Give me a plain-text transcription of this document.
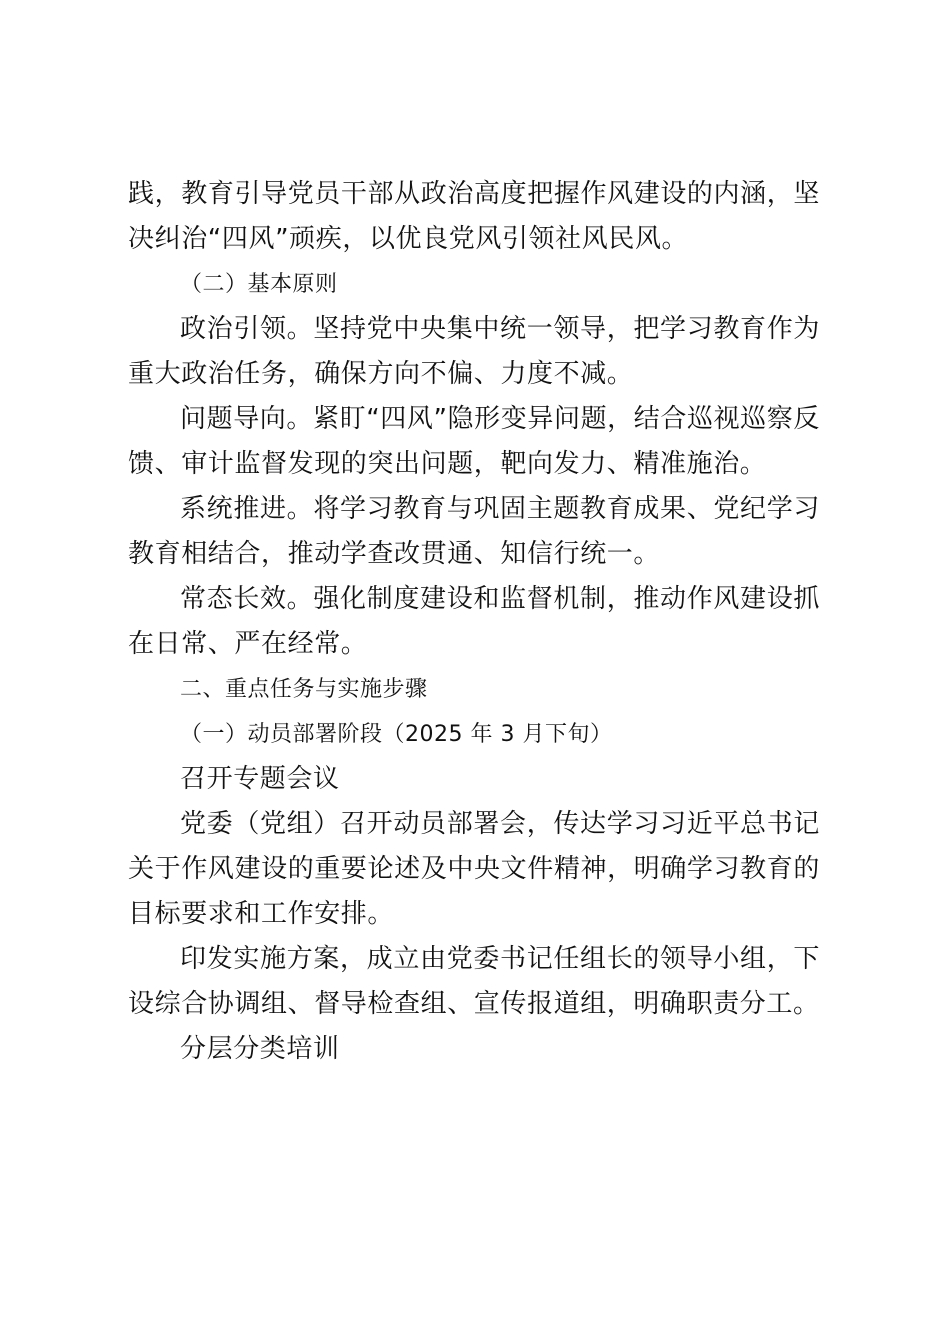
践，教育引导党员干部从政治高度把握作风建设的内涵，坚决纠治“四风”顽疾，以优良党风引领社风民风。

（二）基本原则

政治引领。坚持党中央集中统一领导，把学习教育作为重大政治任务，确保方向不偏、力度不减。

问题导向。紧盯“四风”隐形变异问题，结合巡视巡察反馈、审计监督发现的突出问题，靶向发力、精准施治。

系统推进。将学习教育与巩固主题教育成果、党纪学习教育相结合，推动学查改贯通、知信行统一。

常态长效。强化制度建设和监督机制，推动作风建设抓在日常、严在经常。

二、重点任务与实施步骤

（一）动员部署阶段（2025 年 3 月下旬）

召开专题会议

党委（党组）召开动员部署会，传达学习习近平总书记关于作风建设的重要论述及中央文件精神，明确学习教育的目标要求和工作安排。

印发实施方案，成立由党委书记任组长的领导小组，下设综合协调组、督导检查组、宣传报道组，明确职责分工。

分层分类培训
